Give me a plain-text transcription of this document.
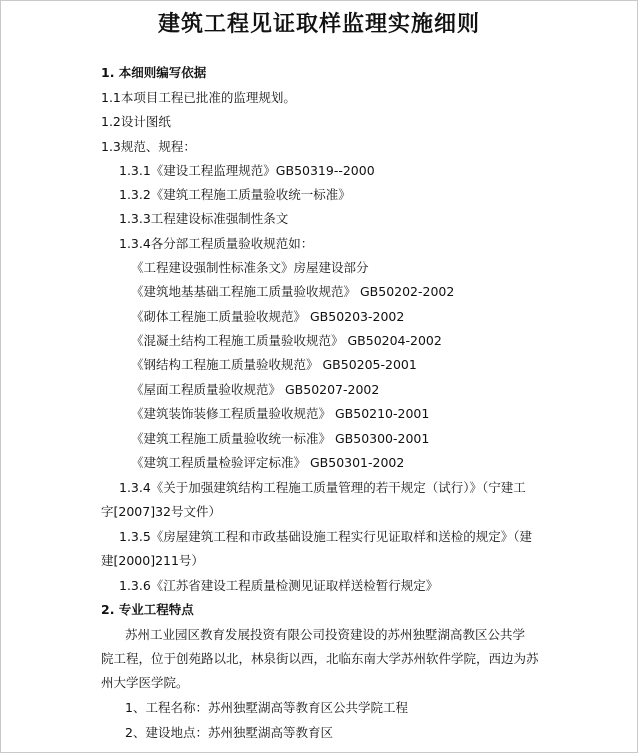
建筑工程见证取样监理实施细则
1. 本细则编写依据
1.1本项目工程已批准的监理规划。
1.2设计图纸
1.3规范、规程：
1.3.1《建设工程监理规范》GB50319--2000
1.3.2《建筑工程施工质量验收统一标准》
1.3.3工程建设标准强制性条文
1.3.4各分部工程质量验收规范如：
《工程建设强制性标准条文》房屋建设部分
《建筑地基基础工程施工质量验收规范》 GB50202-2002
《砌体工程施工质量验收规范》 GB50203-2002
《混凝土结构工程施工质量验收规范》 GB50204-2002
《钢结构工程施工质量验收规范》 GB50205-2001
《屋面工程质量验收规范》 GB50207-2002
《建筑装饰装修工程质量验收规范》 GB50210-2001
《建筑工程施工质量验收统一标准》 GB50300-2001
《建筑工程质量检验评定标准》 GB50301-2002
1.3.4《关于加强建筑结构工程施工质量管理的若干规定（试行）》（宁建工
字[2007]32号文件）
1.3.5《房屋建筑工程和市政基础设施工程实行见证取样和送检的规定》（建
建[2000]211号）
1.3.6《江苏省建设工程质量检测见证取样送检暂行规定》
2. 专业工程特点
苏州工业园区教育发展投资有限公司投资建设的苏州独墅湖高教区公共学
院工程，位于创苑路以北，林泉街以西，北临东南大学苏州软件学院，西边为苏
州大学医学院。
1、工程名称：苏州独墅湖高等教育区公共学院工程
2、建设地点：苏州独墅湖高等教育区
